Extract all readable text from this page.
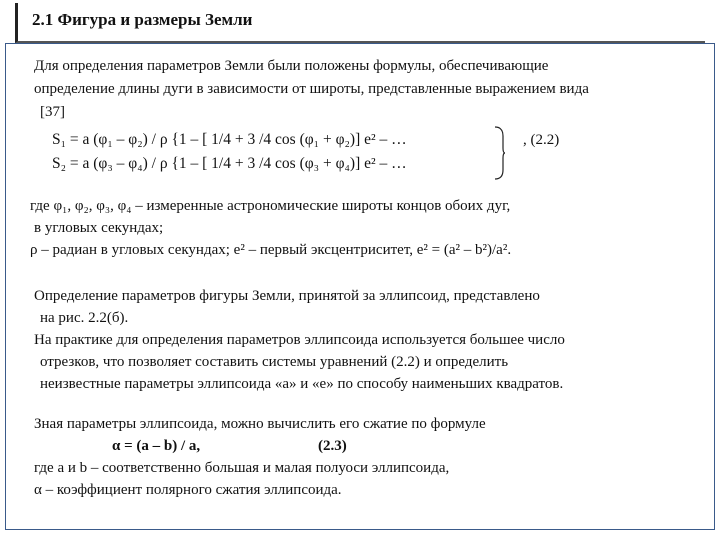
2.1 Фигура и размеры Земли
Для определения параметров Земли были положены формулы, обеспечивающие
определение длины дуги в зависимости от широты, представленные выражением вида
[37]
S₁ = a (φ₁ – φ₂) / ρ {1 – [ 1/4 + 3 /4 cos (φ₁ + φ₂)] e² – …
S₂ = a (φ₃ – φ₄) / ρ {1 – [ 1/4 + 3 /4 cos (φ₃ + φ₄)] e² – …
, (2.2)
где φ₁, φ₂, φ₃, φ₄ – измеренные астрономические широты концов обоих дуг,
в угловых секундах;
ρ – радиан в угловых секундах; e² – первый эксцентриситет, e² = (a² – b²)/a².
Определение параметров фигуры Земли, принятой за эллипсоид, представлено
на рис. 2.2(б).
На практике для определения параметров эллипсоида используется большее число
отрезков, что позволяет составить системы уравнений (2.2) и определить
неизвестные параметры эллипсоида «a» и «e» по способу наименьших квадратов.
Зная параметры эллипсоида, можно вычислить его сжатие по формуле
α = (a – b) / a,	(2.3)
где a и b – соответственно большая и малая полуоси эллипсоида,
α – коэффициент полярного сжатия эллипсоида.
